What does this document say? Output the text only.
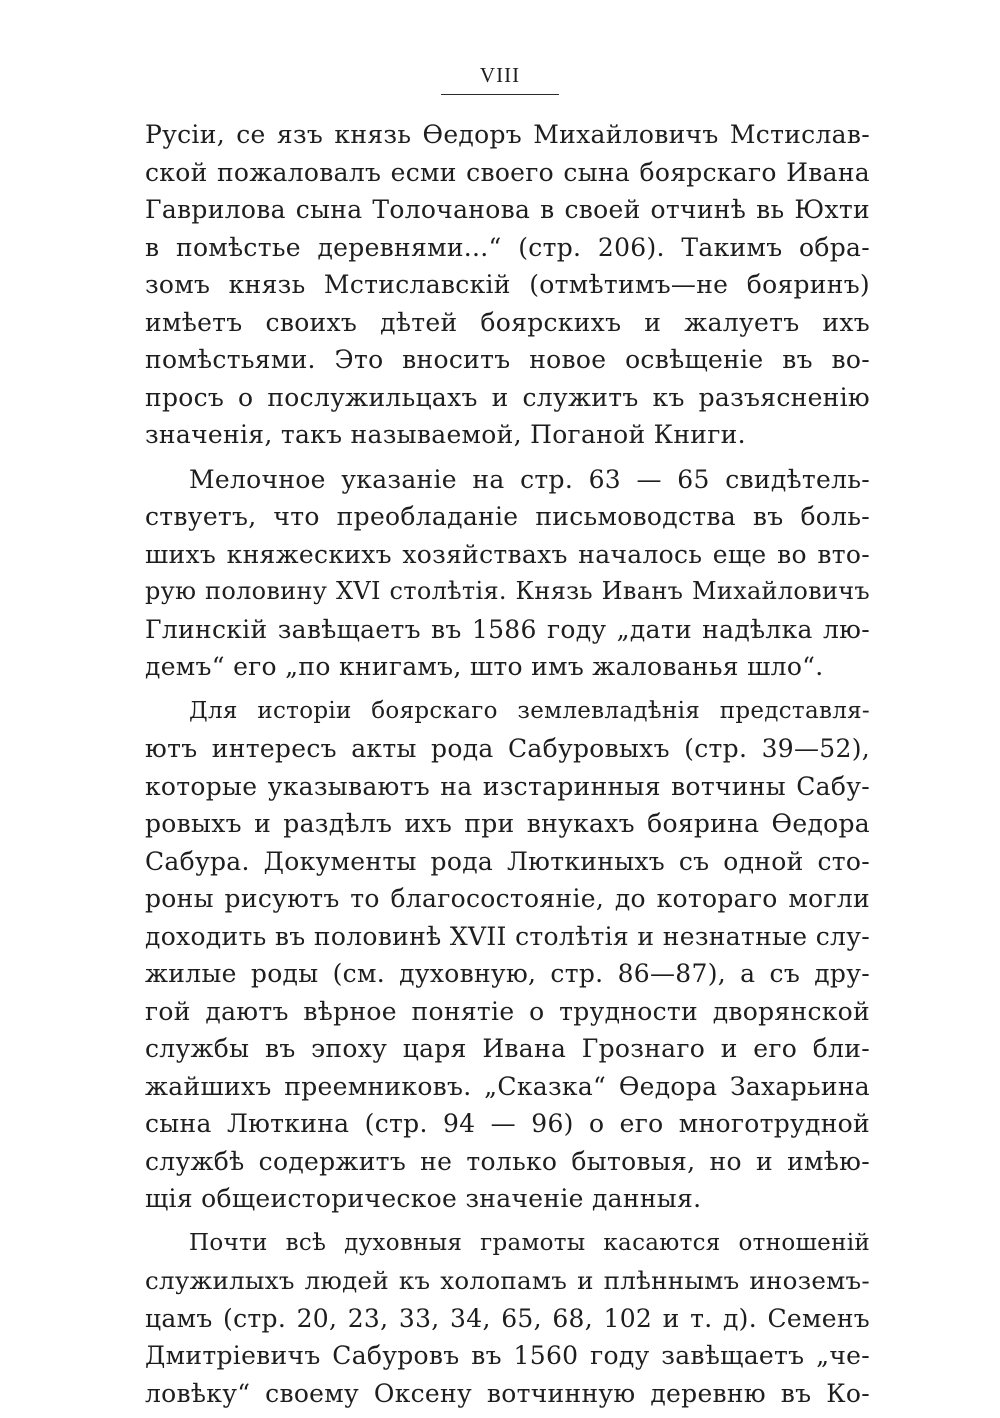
VIII
Русіи, се язъ князь Ѳедоръ Михайловичъ Мстислав-
ской пожаловалъ есми своего сына боярскаго Ивана
Гаврилова сына Толочанова в своей отчинѣ вь Юхти
в помѣстье деревнями...“ (стр. 206). Такимъ обра-
зомъ князь Мстиславскій (отмѣтимъ—не бояринъ)
имѣетъ своихъ дѣтей боярскихъ и жалуетъ ихъ
помѣстьями. Это вноситъ новое освѣщеніе въ во-
просъ о послужильцахъ и служитъ къ разъясненію
значенія, такъ называемой, Поганой Книги.
Мелочное указаніе на стр. 63 — 65 свидѣтель-
ствуетъ, что преобладаніе письмоводства въ боль-
шихъ княжескихъ хозяйствахъ началось еще во вто-
рую половину XVI столѣтія. Князь Иванъ Михайловичъ
Глинскій завѣщаетъ въ 1586 году „дати надѣлка лю-
демъ“ его „по книгамъ, што имъ жалованья шло“.
Для исторіи боярскаго землевладѣнія представля-
ютъ интересъ акты рода Сабуровыхъ (стр. 39—52),
которые указываютъ на изстаринныя вотчины Сабу-
ровыхъ и раздѣлъ ихъ при внукахъ боярина Ѳедора
Сабура. Документы рода Люткиныхъ съ одной сто-
роны рисуютъ то благосостояніе, до котораго могли
доходить въ половинѣ XVII столѣтія и незнатные слу-
жилые роды (см. духовную, стр. 86—87), а съ дру-
гой даютъ вѣрное понятіе о трудности дворянской
службы въ эпоху царя Ивана Грознаго и его бли-
жайшихъ преемниковъ. „Сказка“ Ѳедора Захарьина
сына Люткина (стр. 94 — 96) о его многотрудной
службѣ содержитъ не только бытовыя, но и имѣю-
щія общеисторическое значеніе данныя.
Почти всѣ духовныя грамоты касаются отношеній
служилыхъ людей къ холопамъ и плѣннымъ иноземъ-
цамъ (стр. 20, 23, 33, 34, 65, 68, 102 и т. д). Семенъ
Дмитріевичъ Сабуровъ въ 1560 году завѣщаетъ „че-
ловѣку“ своему Оксену вотчинную деревню въ Ко-
